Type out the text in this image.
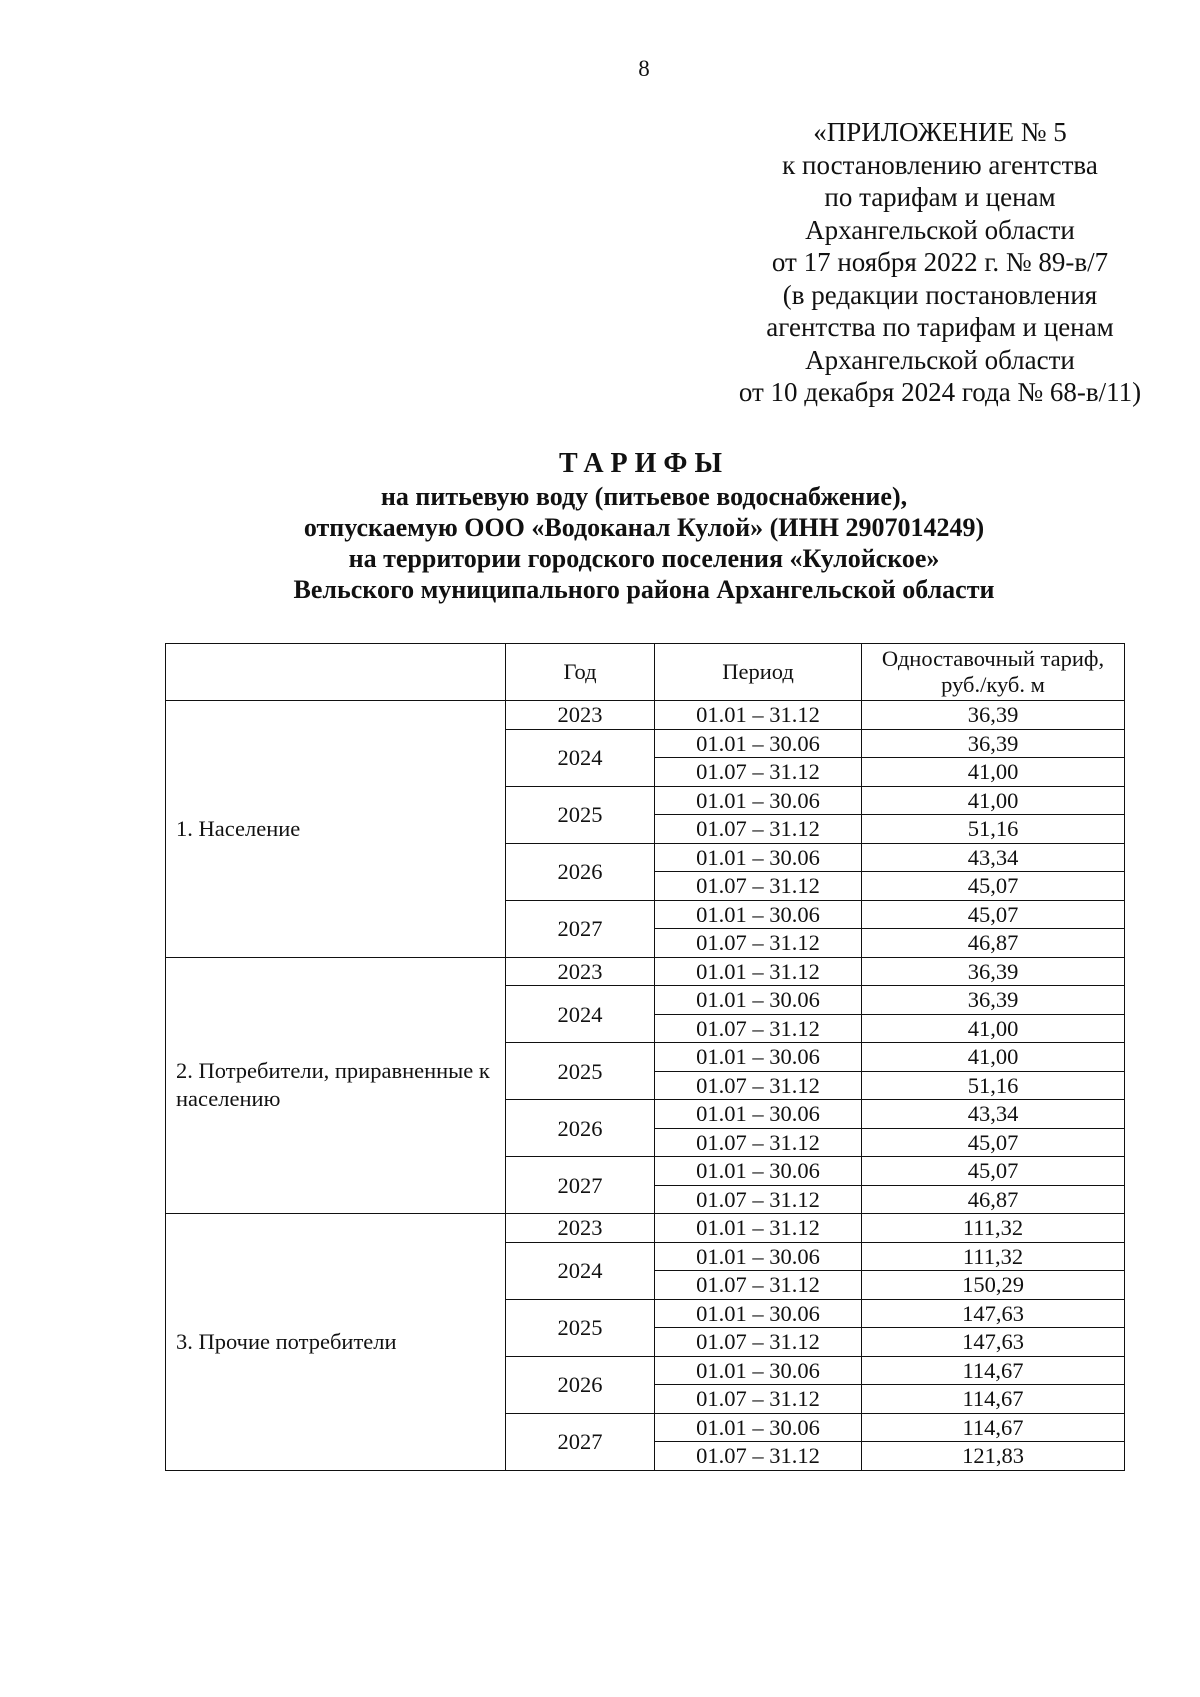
8
«ПРИЛОЖЕНИЕ № 5
к постановлению агентства
по тарифам и ценам
Архангельской области
от 17 ноября 2022 г. № 89-в/7
(в редакции постановления
агентства по тарифам и ценам
Архангельской области
от 10 декабря 2024 года № 68-в/11)
ТАРИФЫ
на питьевую воду (питьевое водоснабжение),
отпускаемую ООО «Водоканал Кулой» (ИНН 2907014249)
на территории городского поселения «Кулойское»
Вельского муниципального района Архангельской области
	Год	Период	Одноставочный тариф, руб./куб. м
1. Население	2023	01.01 – 31.12	36,39
	2024	01.01 – 30.06	36,39
		01.07 – 31.12	41,00
	2025	01.01 – 30.06	41,00
		01.07 – 31.12	51,16
	2026	01.01 – 30.06	43,34
		01.07 – 31.12	45,07
	2027	01.01 – 30.06	45,07
		01.07 – 31.12	46,87
2. Потребители, приравненные к населению	2023	01.01 – 31.12	36,39
	2024	01.01 – 30.06	36,39
		01.07 – 31.12	41,00
	2025	01.01 – 30.06	41,00
		01.07 – 31.12	51,16
	2026	01.01 – 30.06	43,34
		01.07 – 31.12	45,07
	2027	01.01 – 30.06	45,07
		01.07 – 31.12	46,87
3. Прочие потребители	2023	01.01 – 31.12	111,32
	2024	01.01 – 30.06	111,32
		01.07 – 31.12	150,29
	2025	01.01 – 30.06	147,63
		01.07 – 31.12	147,63
	2026	01.01 – 30.06	114,67
		01.07 – 31.12	114,67
	2027	01.01 – 30.06	114,67
		01.07 – 31.12	121,83
